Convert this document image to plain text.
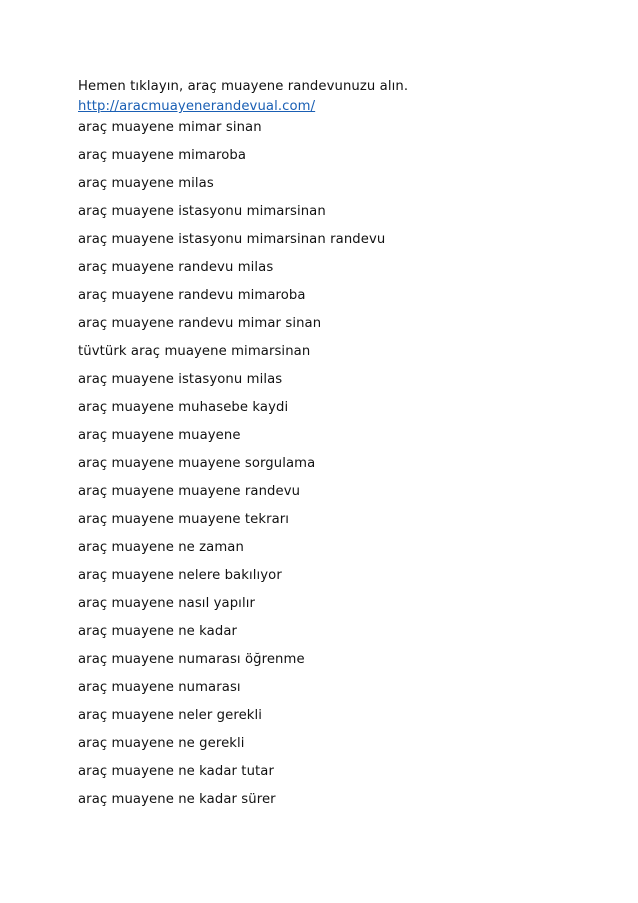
Hemen tıklayın, araç muayene randevunuzu alın.

http://aracmuayenerandevual.com/
araç muayene mimar sinan
araç muayene mimaroba
araç muayene milas
araç muayene istasyonu mimarsinan
araç muayene istasyonu mimarsinan randevu
araç muayene randevu milas
araç muayene randevu mimaroba
araç muayene randevu mimar sinan
tüvtürk araç muayene mimarsinan
araç muayene istasyonu milas
araç muayene muhasebe kaydi
araç muayene muayene
araç muayene muayene sorgulama
araç muayene muayene randevu
araç muayene muayene tekrarı
araç muayene ne zaman
araç muayene nelere bakılıyor
araç muayene nasıl yapılır
araç muayene ne kadar
araç muayene numarası öğrenme
araç muayene numarası
araç muayene neler gerekli
araç muayene ne gerekli
araç muayene ne kadar tutar
araç muayene ne kadar sürer
